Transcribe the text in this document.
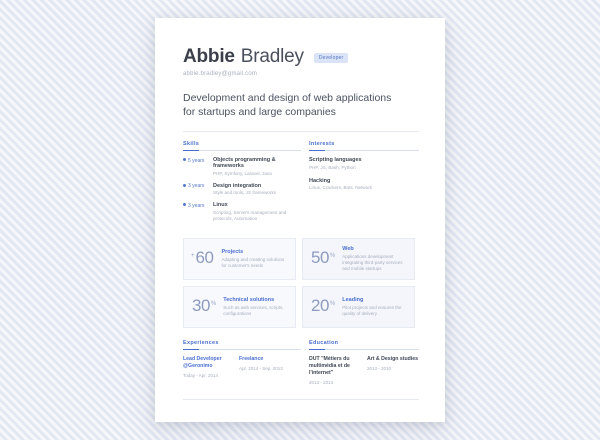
Abbie Bradley	Developer
abbie.bradley@gmail.com
Development and design of web applications
for startups and large companies
Skills
5 years	Objects programming & frameworks
PHP, Symfony, Laravel, Java
3 years	Design integration
Style and tools, JS frameworks
3 years	Linux
Scripting, Servers management and protocols, Automation
Interests
Scripting languages
PHP, JS, Bash, Python
Hacking
Linux, Crackers, Bots, Network
+60 Projects
Adapting and creating solutions for customer's needs	50%
Web
Applications development integrating third-party services and mobile startups
30%
Technical solutions
Such as web services, scripts, configurations	20%
Leading
Pilot projects and ensures the quality of delivery
Experiences
Lead Developer
@Geronimo
Today - Apr. 2014
Freelance
Apr. 2014 - Sep. 2013
Education
DUT "Métiers du multimédia et de l'internet"
2013 - 2013
Art & Design studies
2013 - 2010
